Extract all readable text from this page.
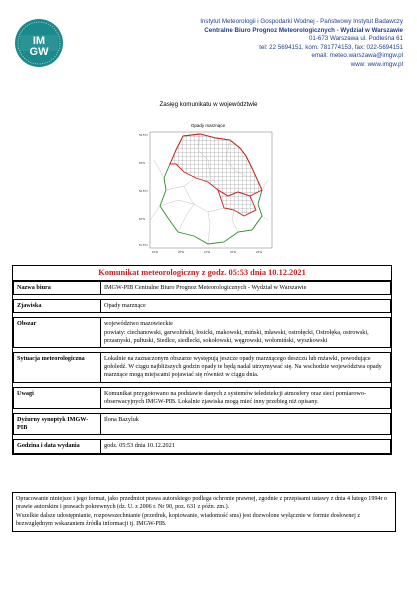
IM
GW
Instytut Meteorologii i Gospodarki Wodnej - Państwowy Instytut Badawczy
Centralne Biuro Prognoz Meteorologicznych - Wydział w Warszawie
01-673 Warszawa ul. Podleśna 61
tel: 22 5694151, kom. 781774153, fax: 022-5694151
email: meteo.warszawa@imgw.pl
www: www.imgw.pl
Zasięg komunikatu w województwie
Opady marznące
19°E	20°E	21°E	22°E	23°E
53.5°N
53°N
52.5°N
52°N
51.5°N
Komunikat meteorologiczny z godz. 05:53 dnia 10.12.2021
Nazwa biura	IMGW-PIB Centralne Biuro Prognoz Meteorologicznych - Wydział w Warszawie

Zjawiska	Opady marznące

Obszar	województwo mazowieckie
powiaty: ciechanowski, garwoliński, łosicki, makowski, miński, mławski, ostrołęcki, Ostrołęka, ostrowski, przasnyski, pułtuski, Siedlce, siedlecki, sokołowski, węgrowski, wołomiński, wyszkowski

Sytuacja meteorologiczna	Lokalnie na zaznaczonym obszarze występują jeszcze opady marznącego deszczu lub mżawki, powodujące gołoledź. W ciągu najbliższych godzin opady te będą nadal utrzymywać się. Na wschodzie województwa opady marznące mogą miejscami pojawiać się również w ciągu dnia.

Uwagi	Komunikat przygotowano na podstawie danych z systemów teledetekcji atmosfery oraz sieci pomiarowo-obserwacyjnych IMGW-PIB. Lokalnie zjawiska mogą mieć inny przebieg niż opisany.

Dyżurny synoptyk IMGW-PIB	Ilona Bazyluk

Godzina i data wydania	godz. 05:53 dnia 10.12.2021

Opracowanie niniejsze i jego format, jako przedmiot prawa autorskiego podlega ochronie prawnej, zgodnie z przepisami ustawy z dnia 4 lutego 1994r o prawie autorskim i prawach pokrewnych (dz. U. z 2006 r. Nr 90, poz. 631 z późn. zm.).

Wszelkie dalsze udostępnianie, rozpowszechnianie (przedruk, kopiowanie, wiadomość sms) jest dozwolone wyłącznie w formie dosłownej z bezwzględnym wskazaniem źródła informacji tj. IMGW-PIB.
